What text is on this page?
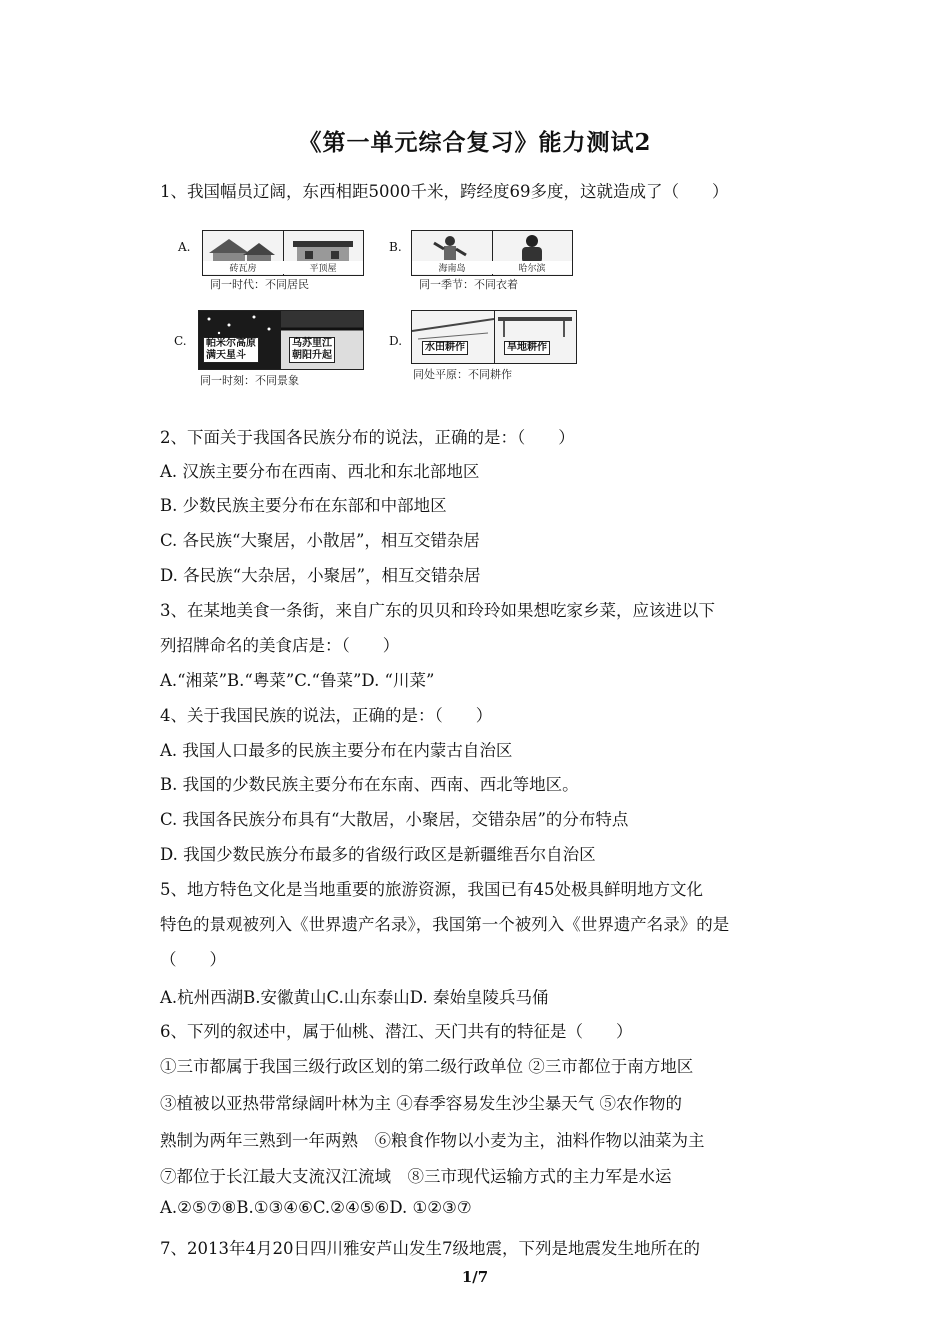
《第一单元综合复习》能力测试2
1、我国幅员辽阔，东西相距5000千米，跨经度69多度，这就造成了（　　）
A.
砖瓦房	平顶屋
同一时代：不同居民
B.
海南岛	哈尔滨
同一季节：不同衣着
C.	帕米尔高原
满天星斗
乌苏里江
朝阳升起
同一时刻：不同景象
D.	水田耕作	旱地耕作
同处平原：不同耕作
2、下面关于我国各民族分布的说法，正确的是：（　　）
A. 汉族主要分布在西南、西北和东北部地区
B. 少数民族主要分布在东部和中部地区
C. 各民族“大聚居，小散居”，相互交错杂居
D. 各民族“大杂居，小聚居”，相互交错杂居
3、在某地美食一条街，来自广东的贝贝和玲玲如果想吃家乡菜，应该进以下
列招牌命名的美食店是：（　　）
A.“湘菜”B.“粤菜”C.“鲁菜”D. “川菜”
4、关于我国民族的说法，正确的是：（　　）
A. 我国人口最多的民族主要分布在内蒙古自治区
B. 我国的少数民族主要分布在东南、西南、西北等地区。
C. 我国各民族分布具有“大散居，小聚居，交错杂居”的分布特点
D. 我国少数民族分布最多的省级行政区是新疆维吾尔自治区
5、地方特色文化是当地重要的旅游资源，我国已有45处极具鲜明地方文化
特色的景观被列入《世界遗产名录》，我国第一个被列入《世界遗产名录》的是
（　　）
A.杭州西湖B.安徽黄山C.山东泰山D. 秦始皇陵兵马俑
6、下列的叙述中，属于仙桃、潜江、天门共有的特征是（　　）
①三市都属于我国三级行政区划的第二级行政单位 ②三市都位于南方地区
③植被以亚热带常绿阔叶林为主 ④春季容易发生沙尘暴天气 ⑤农作物的
熟制为两年三熟到一年两熟　⑥粮食作物以小麦为主，油料作物以油菜为主
⑦都位于长江最大支流汉江流域　⑧三市现代运输方式的主力军是水运
A.②⑤⑦⑧B.①③④⑥C.②④⑤⑥D. ①②③⑦
7、2013年4月20日四川雅安芦山发生7级地震，下列是地震发生地所在的
1/7
